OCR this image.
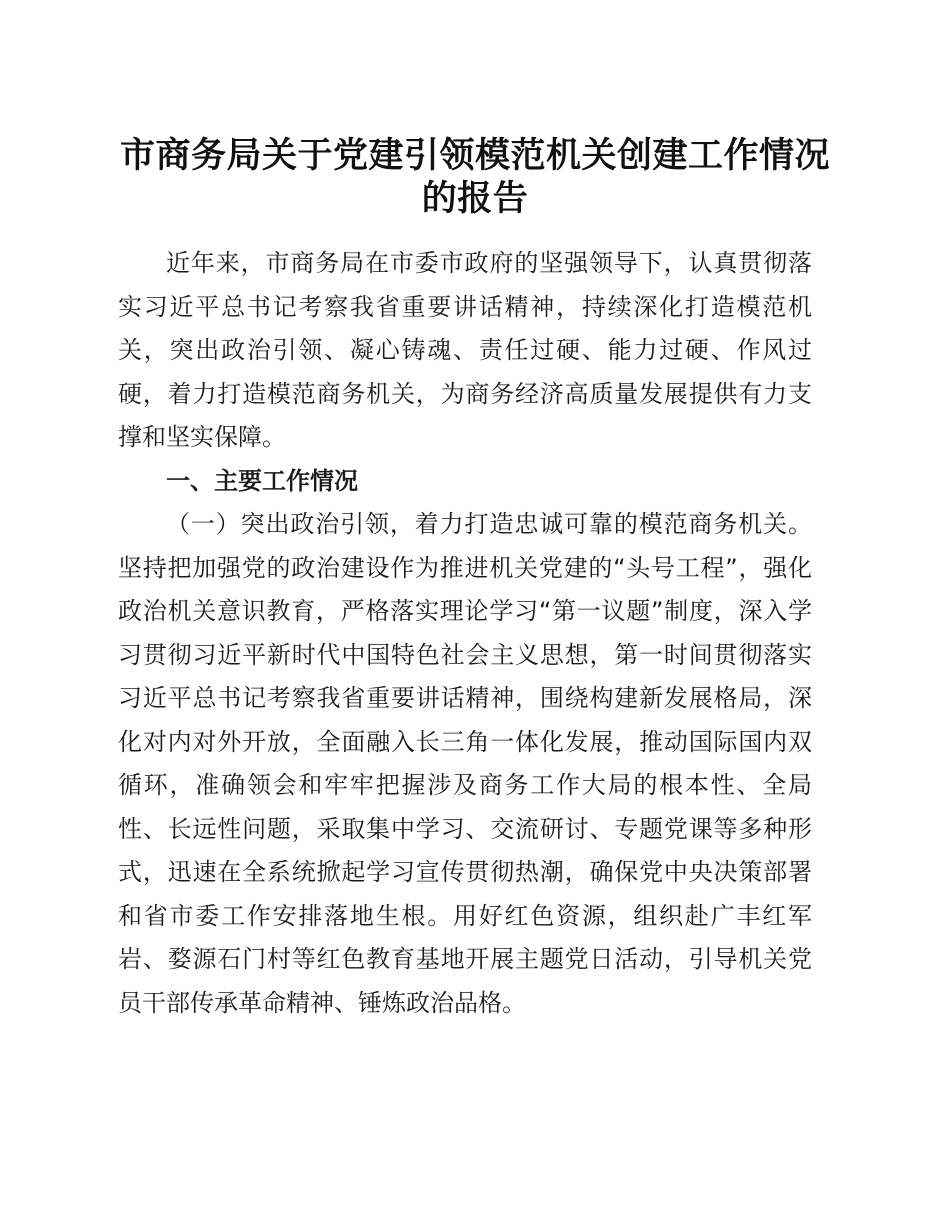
市商务局关于党建引领模范机关创建工作情况
的报告

近年来，市商务局在市委市政府的坚强领导下，认真贯彻落实习近平总书记考察我省重要讲话精神，持续深化打造模范机关，突出政治引领、凝心铸魂、责任过硬、能力过硬、作风过硬，着力打造模范商务机关，为商务经济高质量发展提供有力支撑和坚实保障。

一、主要工作情况

（一）突出政治引领，着力打造忠诚可靠的模范商务机关。坚持把加强党的政治建设作为推进机关党建的“头号工程”，强化政治机关意识教育，严格落实理论学习“第一议题”制度，深入学习贯彻习近平新时代中国特色社会主义思想，第一时间贯彻落实习近平总书记考察我省重要讲话精神，围绕构建新发展格局，深化对内对外开放，全面融入长三角一体化发展，推动国际国内双循环，准确领会和牢牢把握涉及商务工作大局的根本性、全局性、长远性问题，采取集中学习、交流研讨、专题党课等多种形式，迅速在全系统掀起学习宣传贯彻热潮，确保党中央决策部署和省市委工作安排落地生根。用好红色资源，组织赴广丰红军岩、婺源石门村等红色教育基地开展主题党日活动，引导机关党员干部传承革命精神、锤炼政治品格。
